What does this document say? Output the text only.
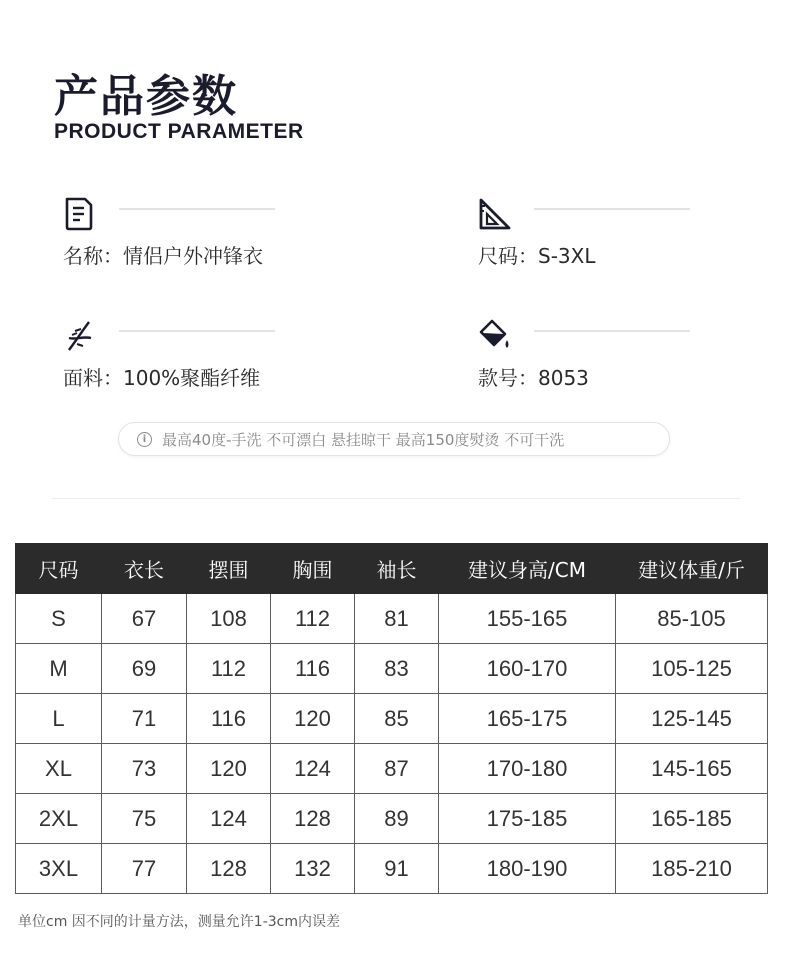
产品参数
PRODUCT PARAMETER
名称：情侣户外冲锋衣	尺码：S-3XL
面料：100%聚酯纤维	款号：8053
i	最高40度-手洗 不可漂白 悬挂晾干 最高150度熨烫 不可干洗
尺码	衣长	摆围	胸围	袖长	建议身高/CM	建议体重/斤
S	67	108	112	81	155-165	85-105
M	69	112	116	83	160-170	105-125
L	71	116	120	85	165-175	125-145
XL	73	120	124	87	170-180	145-165
2XL	75	124	128	89	175-185	165-185
3XL	77	128	132	91	180-190	185-210
单位cm 因不同的计量方法，测量允许1-3cm内误差
